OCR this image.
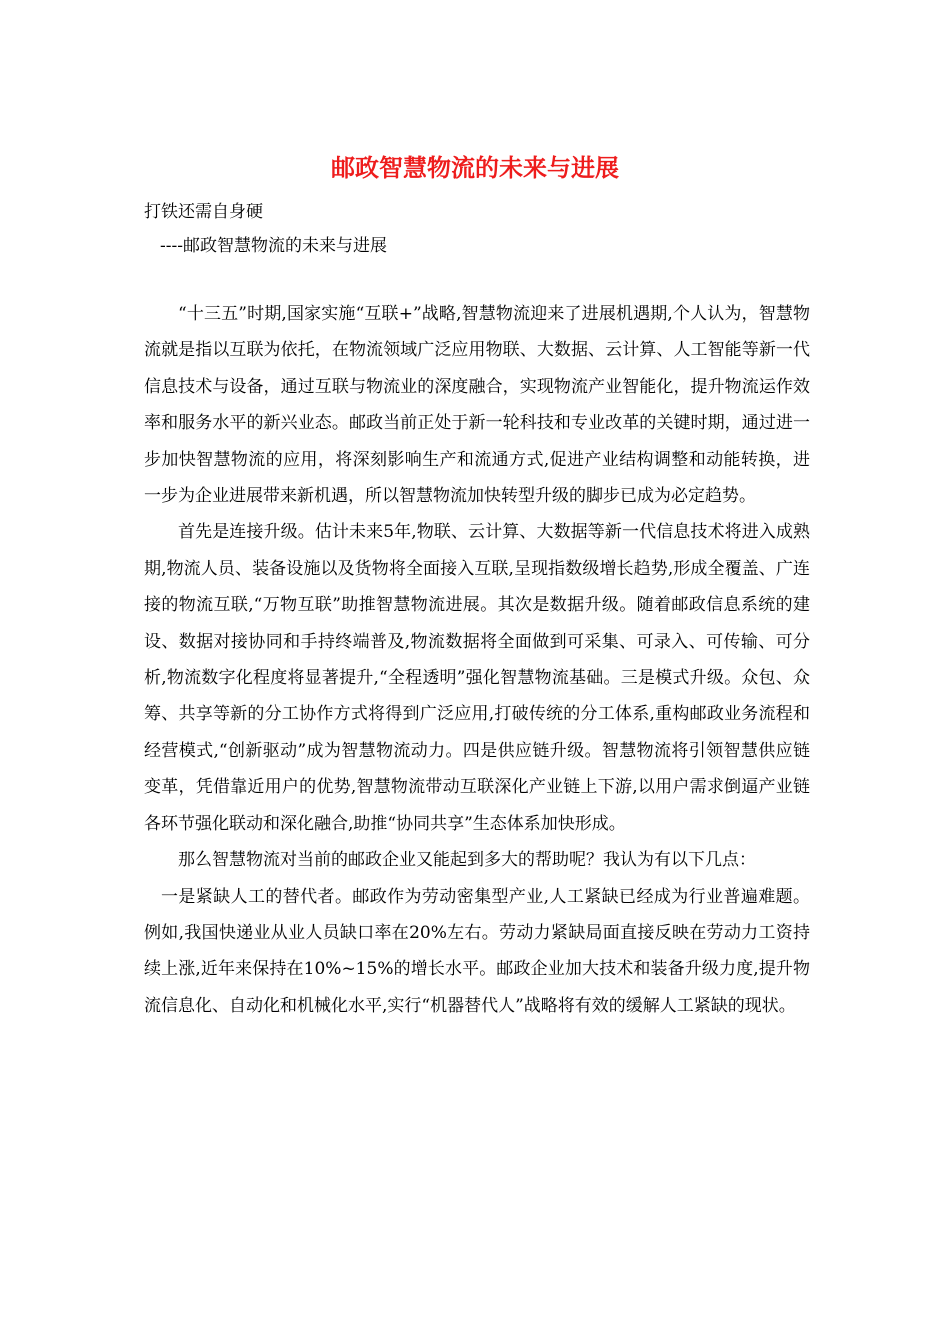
邮政智慧物流的未来与进展

打铁还需自身硬

----邮政智慧物流的未来与进展

“十三五”时期,国家实施“互联+”战略,智慧物流迎来了进展机遇期,个人认为，智慧物流就是指以互联为依托，在物流领域广泛应用物联、大数据、云计算、人工智能等新一代信息技术与设备，通过互联与物流业的深度融合，实现物流产业智能化，提升物流运作效率和服务水平的新兴业态。邮政当前正处于新一轮科技和专业改革的关键时期，通过进一步加快智慧物流的应用，将深刻影响生产和流通方式,促进产业结构调整和动能转换，进一步为企业进展带来新机遇，所以智慧物流加快转型升级的脚步已成为必定趋势。

首先是连接升级。估计未来5年,物联、云计算、大数据等新一代信息技术将进入成熟期,物流人员、装备设施以及货物将全面接入互联,呈现指数级增长趋势,形成全覆盖、广连接的物流互联,“万物互联”助推智慧物流进展。其次是数据升级。随着邮政信息系统的建设、数据对接协同和手持终端普及,物流数据将全面做到可采集、可录入、可传输、可分析,物流数字化程度将显著提升,“全程透明”强化智慧物流基础。三是模式升级。众包、众筹、共享等新的分工协作方式将得到广泛应用,打破传统的分工体系,重构邮政业务流程和经营模式,“创新驱动”成为智慧物流动力。四是供应链升级。智慧物流将引领智慧供应链变革，凭借靠近用户的优势,智慧物流带动互联深化产业链上下游,以用户需求倒逼产业链各环节强化联动和深化融合,助推“协同共享”生态体系加快形成。

那么智慧物流对当前的邮政企业又能起到多大的帮助呢？我认为有以下几点：

一是紧缺人工的替代者。邮政作为劳动密集型产业,人工紧缺已经成为行业普遍难题。例如,我国快递业从业人员缺口率在20%左右。劳动力紧缺局面直接反映在劳动力工资持续上涨,近年来保持在10%~15%的增长水平。邮政企业加大技术和装备升级力度,提升物流信息化、自动化和机械化水平,实行“机器替代人”战略将有效的缓解人工紧缺的现状。
